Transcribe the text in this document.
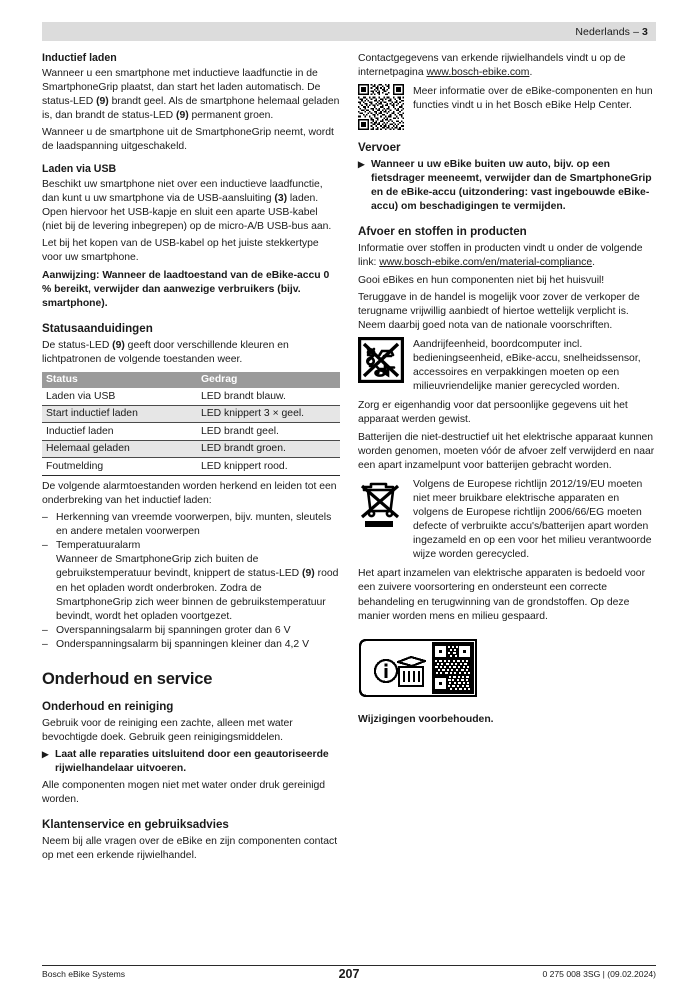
Nederlands – 3
Inductief laden

Wanneer u een smartphone met inductieve laadfunctie in de SmartphoneGrip plaatst, dan start het laden automatisch. De status-LED (9) brandt geel. Als de smartphone helemaal geladen is, dan brandt de status-LED (9) permanent groen.

Wanneer u de smartphone uit de SmartphoneGrip neemt, wordt de laadspanning uitgeschakeld.

Laden via USB

Beschikt uw smartphone niet over een inductieve laadfunctie, dan kunt u uw smartphone via de USB-aansluiting (3) laden. Open hiervoor het USB-kapje en sluit een aparte USB-kabel (niet bij de levering inbegrepen) op de micro-A/B USB-bus aan.

Let bij het kopen van de USB-kabel op het juiste stekkertype voor uw smartphone.

Aanwijzing: Wanneer de laadtoestand van de eBike-accu 0 % bereikt, verwijder dan aanwezige verbruikers (bijv. smartphone).

Statusaanduidingen

De status-LED (9) geeft door verschillende kleuren en lichtpatronen de volgende toestanden weer.

Status	Gedrag
Laden via USB	LED brandt blauw.
Start inductief laden	LED knippert 3 × geel.
Inductief laden	LED brandt geel.
Helemaal geladen	LED brandt groen.
Foutmelding	LED knippert rood.

De volgende alarmtoestanden worden herkend en leiden tot een onderbreking van het inductief laden:

– Herkenning van vreemde voorwerpen, bijv. munten, sleutels en andere metalen voorwerpen
– Temperatuuralarm
Wanneer de SmartphoneGrip zich buiten de gebruikstemperatuur bevindt, knippert de status-LED (9) rood en het opladen wordt onderbroken. Zodra de SmartphoneGrip zich weer binnen de gebruikstemperatuur bevindt, wordt het opladen voortgezet.
– Overspanningsalarm bij spanningen groter dan 6 V
– Onderspanningsalarm bij spanningen kleiner dan 4,2 V
Onderhoud en service
Onderhoud en reiniging

Gebruik voor de reiniging een zachte, alleen met water bevochtigde doek. Gebruik geen reinigingsmiddelen.

▶ Laat alle reparaties uitsluitend door een geautoriseerde rijwielhandelaar uitvoeren.

Alle componenten mogen niet met water onder druk gereinigd worden.

Klantenservice en gebruiksadvies

Neem bij alle vragen over de eBike en zijn componenten contact op met een erkende rijwielhandel.

Contactgegevens van erkende rijwielhandels vindt u op de internetpagina www.bosch-ebike.com.

Meer informatie over de eBike-componenten en hun functies vindt u in het Bosch eBike Help Center.
Vervoer
▶ Wanneer u uw eBike buiten uw auto, bijv. op een fietsdrager meeneemt, verwijder dan de SmartphoneGrip en de eBike-accu (uitzondering: vast ingebouwde eBike-accu) om beschadigingen te vermijden.
Afvoer en stoffen in producten

Informatie over stoffen in producten vindt u onder de volgende link: www.bosch-ebike.com/en/material-compliance.

Gooi eBikes en hun componenten niet bij het huisvuil!

Teruggave in de handel is mogelijk voor zover de verkoper de terugname vrijwillig aanbiedt of hiertoe wettelijk verplicht is. Neem daarbij goed nota van de nationale voorschriften.

Aandrijfeenheid, boordcomputer incl. bedieningseenheid, eBike-accu, snelheidssensor, accessoires en verpakkingen moeten op een milieuvriendelijke manier gerecycled worden.

Zorg er eigenhandig voor dat persoonlijke gegevens uit het apparaat werden gewist.

Batterijen die niet-destructief uit het elektrische apparaat kunnen worden genomen, moeten vóór de afvoer zelf verwijderd en naar een apart inzamelpunt voor batterijen gebracht worden.

Volgens de Europese richtlijn 2012/19/EU moeten niet meer bruikbare elektrische apparaten en volgens de Europese richtlijn 2006/66/EG moeten defecte of verbruikte accu's/batterijen apart worden ingezameld en op een voor het milieu verantwoorde wijze worden gerecycled.

Het apart inzamelen van elektrische apparaten is bedoeld voor een zuivere voorsortering en ondersteunt een correcte behandeling en terugwinning van de grondstoffen. Op deze manier worden mens en milieu gespaard.

Wijzigingen voorbehouden.

Bosch eBike Systems	207	0 275 008 3SG | (09.02.2024)
